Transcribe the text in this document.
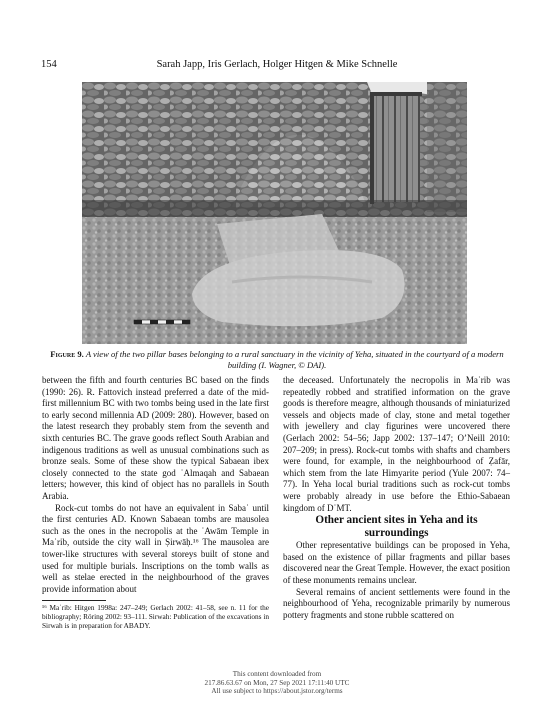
154	Sarah Japp, Iris Gerlach, Holger Hitgen & Mike Schnelle
Figure 9. A view of the two pillar bases belonging to a rural sanctuary in the vicinity of Yeha, situated in the courtyard of a modern building (I. Wagner, © DAI).

between the fifth and fourth centuries BC based on the finds (1990: 26). R. Fattovich instead preferred a date of the mid-first millennium BC with two tombs being used in the late first to early second millennia AD (2009: 280). However, based on the latest research they probably stem from the seventh and sixth centuries BC. The grave goods reflect South Arabian and indigenous traditions as well as unusual combinations such as bronze seals. Some of these show the typical Sabaean ibex closely connected to the state god ʾAlmaqah and Sabaean letters; however, this kind of object has no parallels in South Arabia.

Rock-cut tombs do not have an equivalent in Sabaʾ until the first centuries AD. Known Sabaean tombs are mausolea such as the ones in the necropolis at the ʾAwām Temple in Maʾrib, outside the city wall in Ṣirwāḥ.¹⁶ The mausolea are tower-like structures with several storeys built of stone and used for multiple burials. Inscriptions on the tomb walls as well as stelae erected in the neighbourhood of the graves provide information about

the deceased. Unfortunately the necropolis in Maʾrib was repeatedly robbed and stratified information on the grave goods is therefore meagre, although thousands of miniaturized vessels and objects made of clay, stone and metal together with jewellery and clay figurines were uncovered there (Gerlach 2002: 54–56; Japp 2002: 137–147; O’Neill 2010: 207–209; in press). Rock-cut tombs with shafts and chambers were found, for example, in the neighbourhood of Ẓafār, which stem from the late Himyarite period (Yule 2007: 74–77). In Yeha local burial traditions such as rock-cut tombs were probably already in use before the Ethio-Sabaean kingdom of DʿMT.

Other ancient sites in Yeha and its surroundings

Other representative buildings can be proposed in Yeha, based on the existence of pillar fragments and pillar bases discovered near the Great Temple. However, the exact position of these monuments remains unclear.

Several remains of ancient settlements were found in the neighbourhood of Yeha, recognizable primarily by numerous pottery fragments and stone rubble scattered on

¹⁶ Maʾrib: Hitgen 1998a: 247–249; Gerlach 2002: 41–58, see n. 11 for the bibliography; Röring 2002: 93–111. Sirwah: Publication of the excavations in Sirwah is in preparation for ABADY.
This content downloaded from
217.86.63.67 on Mon, 27 Sep 2021 17:11:40 UTC
All use subject to https://about.jstor.org/terms
